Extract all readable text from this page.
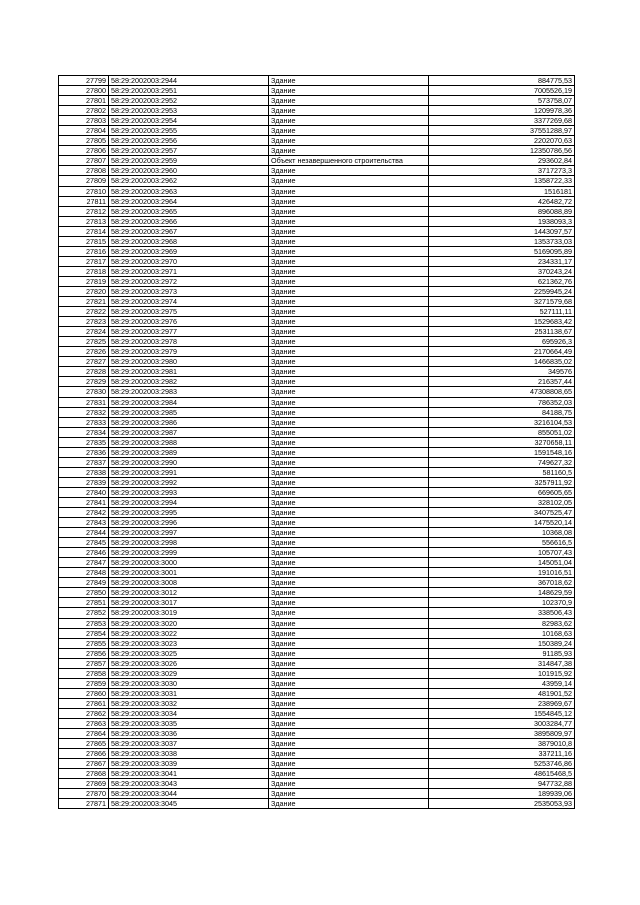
27799	58:29:2002003:2944	Здание	884775,53
27800	58:29:2002003:2951	Здание	7005526,19
27801	58:29:2002003:2952	Здание	573758,07
27802	58:29:2002003:2953	Здание	1209978,36
27803	58:29:2002003:2954	Здание	3377269,68
27804	58:29:2002003:2955	Здание	37551288,97
27805	58:29:2002003:2956	Здание	2202070,63
27806	58:29:2002003:2957	Здание	12350786,56
27807	58:29:2002003:2959	Объект незавершенного строительства	293602,84
27808	58:29:2002003:2960	Здание	3717273,3
27809	58:29:2002003:2962	Здание	1358722,33
27810	58:29:2002003:2963	Здание	1516181
27811	58:29:2002003:2964	Здание	426482,72
27812	58:29:2002003:2965	Здание	896088,89
27813	58:29:2002003:2966	Здание	1938093,3
27814	58:29:2002003:2967	Здание	1443097,57
27815	58:29:2002003:2968	Здание	1353733,03
27816	58:29:2002003:2969	Здание	5169095,89
27817	58:29:2002003:2970	Здание	234331,17
27818	58:29:2002003:2971	Здание	370243,24
27819	58:29:2002003:2972	Здание	621362,76
27820	58:29:2002003:2973	Здание	2259945,24
27821	58:29:2002003:2974	Здание	3271579,68
27822	58:29:2002003:2975	Здание	527111,11
27823	58:29:2002003:2976	Здание	1529683,42
27824	58:29:2002003:2977	Здание	2531138,67
27825	58:29:2002003:2978	Здание	695926,3
27826	58:29:2002003:2979	Здание	2170664,49
27827	58:29:2002003:2980	Здание	1466835,02
27828	58:29:2002003:2981	Здание	349576
27829	58:29:2002003:2982	Здание	216357,44
27830	58:29:2002003:2983	Здание	47308808,65
27831	58:29:2002003:2984	Здание	786352,03
27832	58:29:2002003:2985	Здание	84188,75
27833	58:29:2002003:2986	Здание	3216104,53
27834	58:29:2002003:2987	Здание	855051,02
27835	58:29:2002003:2988	Здание	3270658,11
27836	58:29:2002003:2989	Здание	1591548,16
27837	58:29:2002003:2990	Здание	749627,32
27838	58:29:2002003:2991	Здание	581160,5
27839	58:29:2002003:2992	Здание	3257911,92
27840	58:29:2002003:2993	Здание	669605,65
27841	58:29:2002003:2994	Здание	328102,05
27842	58:29:2002003:2995	Здание	3407525,47
27843	58:29:2002003:2996	Здание	1475520,14
27844	58:29:2002003:2997	Здание	10368,08
27845	58:29:2002003:2998	Здание	556616,5
27846	58:29:2002003:2999	Здание	105707,43
27847	58:29:2002003:3000	Здание	145051,04
27848	58:29:2002003:3001	Здание	191016,51
27849	58:29:2002003:3008	Здание	367018,62
27850	58:29:2002003:3012	Здание	148629,59
27851	58:29:2002003:3017	Здание	102370,9
27852	58:29:2002003:3019	Здание	338506,43
27853	58:29:2002003:3020	Здание	82983,62
27854	58:29:2002003:3022	Здание	10168,63
27855	58:29:2002003:3023	Здание	150389,24
27856	58:29:2002003:3025	Здание	91185,93
27857	58:29:2002003:3026	Здание	314847,38
27858	58:29:2002003:3029	Здание	101915,92
27859	58:29:2002003:3030	Здание	43959,14
27860	58:29:2002003:3031	Здание	481901,52
27861	58:29:2002003:3032	Здание	238969,67
27862	58:29:2002003:3034	Здание	1554845,12
27863	58:29:2002003:3035	Здание	3003284,77
27864	58:29:2002003:3036	Здание	3895809,97
27865	58:29:2002003:3037	Здание	3879010,8
27866	58:29:2002003:3038	Здание	337211,16
27867	58:29:2002003:3039	Здание	5253746,86
27868	58:29:2002003:3041	Здание	48615468,5
27869	58:29:2002003:3043	Здание	947732,88
27870	58:29:2002003:3044	Здание	189939,06
27871	58:29:2002003:3045	Здание	2535053,93
